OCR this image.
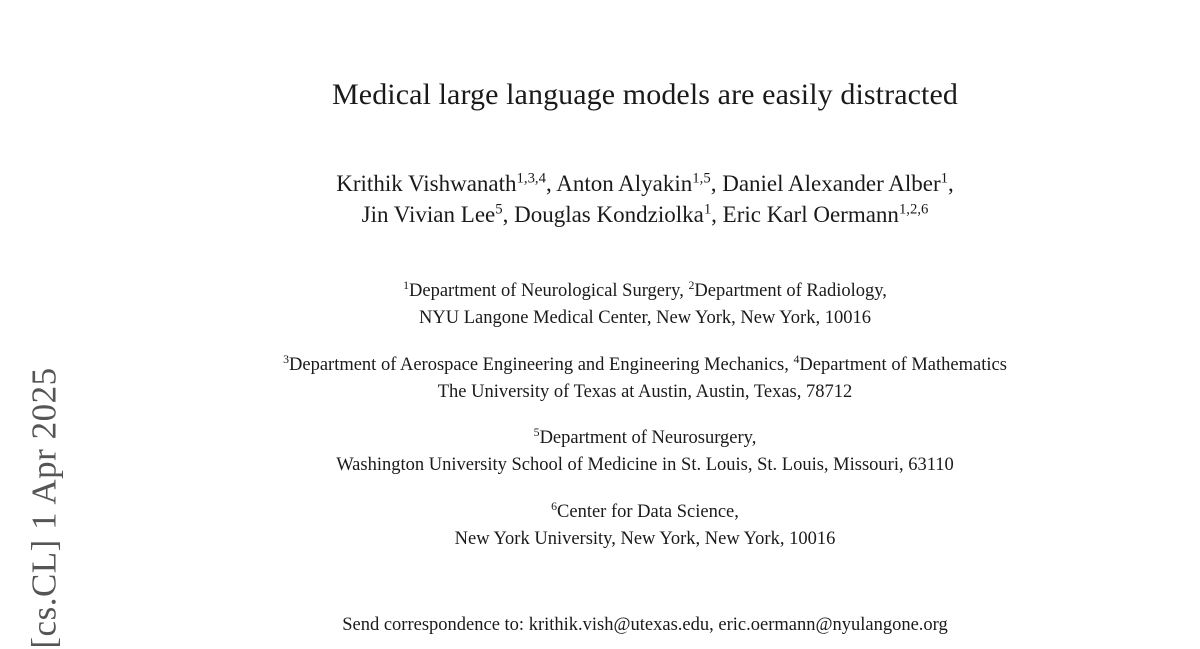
[cs.CL] 1 Apr 2025
Medical large language models are easily distracted
Krithik Vishwanath$^{1,3,4}$, Anton Alyakin$^{1,5}$, Daniel Alexander Alber$^1$,
Jin Vivian Lee$^5$, Douglas Kondziolka$^1$, Eric Karl Oermann$^{1,2,6}$
$^1$Department of Neurological Surgery, $^2$Department of Radiology,
NYU Langone Medical Center, New York, New York, 10016
$^3$Department of Aerospace Engineering and Engineering Mechanics, $^4$Department of Mathematics
The University of Texas at Austin, Austin, Texas, 78712
$^5$Department of Neurosurgery,
Washington University School of Medicine in St. Louis, St. Louis, Missouri, 63110
$^6$Center for Data Science,
New York University, New York, New York, 10016
Send correspondence to: krithik.vish@utexas.edu, eric.oermann@nyulangone.org
